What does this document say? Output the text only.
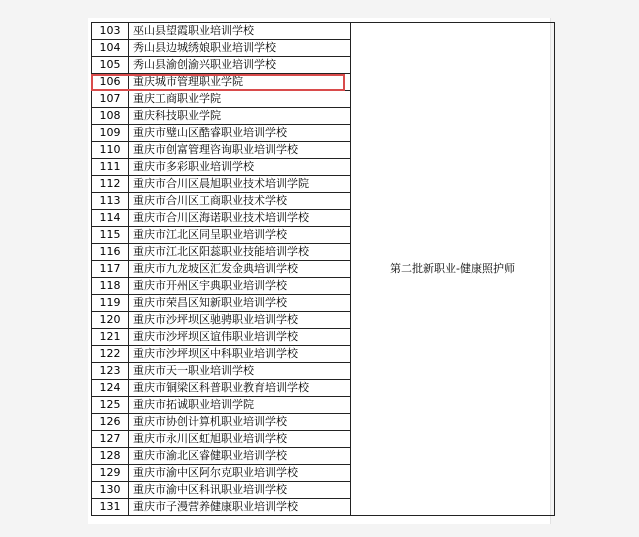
103	巫山县望霞职业培训学校	第二批新职业-健康照护师
104	秀山县边城绣娘职业培训学校	
105	秀山县渝创渝兴职业培训学校	
106	重庆城市管理职业学院	
107	重庆工商职业学院	
108	重庆科技职业学院	
109	重庆市璧山区酷睿职业培训学校	
110	重庆市创富管理咨询职业培训学校	
111	重庆市多彩职业培训学校	
112	重庆市合川区晨旭职业技术培训学院	
113	重庆市合川区工商职业技术学校	
114	重庆市合川区海诺职业技术培训学校	
115	重庆市江北区同呈职业培训学校	
116	重庆市江北区阳蕊职业技能培训学校	
117	重庆市九龙坡区汇发金典培训学校	
118	重庆市开州区宇典职业培训学校	
119	重庆市荣昌区知新职业培训学校	
120	重庆市沙坪坝区驰骋职业培训学校	
121	重庆市沙坪坝区谊伟职业培训学校	
122	重庆市沙坪坝区中科职业培训学校	
123	重庆市天一职业培训学校	
124	重庆市铜梁区科普职业教育培训学校	
125	重庆市拓诚职业培训学院	
126	重庆市协创计算机职业培训学校	
127	重庆市永川区虹旭职业培训学校	
128	重庆市渝北区睿健职业培训学校	
129	重庆市渝中区阿尔克职业培训学校	
130	重庆市渝中区科讯职业培训学校	
131	重庆市子漫营养健康职业培训学校	
